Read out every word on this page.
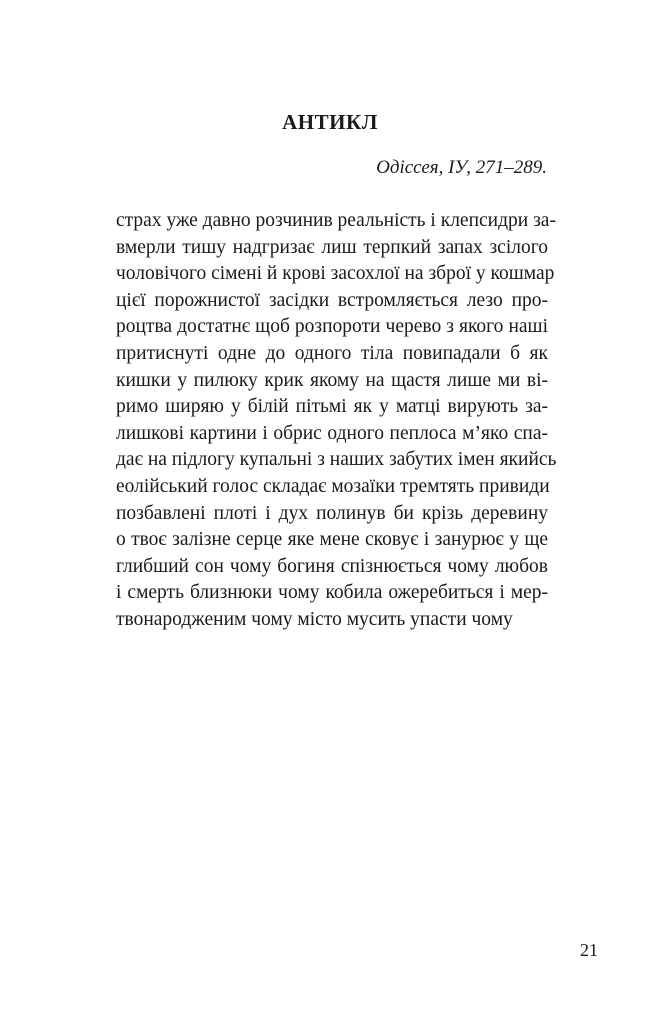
АНТИКЛ
Одіссея, ІУ, 271–289.
страх уже давно розчинив реальність і клепсидри за-
вмерли тишу надгризає лиш терпкий запах зсілого
чоловічого сімені й крові засохлої на зброї у кошмар
цієї порожнистої засідки встромляється лезо про-
роцтва достатнє щоб розпороти черево з якого наші
притиснуті одне до одного тіла повипадали б як
кишки у пилюку крик якому на щастя лише ми ві-
римо ширяю у білій пітьмі як у матці вирують за-
лишкові картини і обрис одного пеплоса м’яко спа-
дає на підлогу купальні з наших забутих імен якийсь
еолійський голос складає мозаїки тремтять привиди
позбавлені плоті і дух полинув би крізь деревину
о твоє залізне серце яке мене сковує і занурює у ще
глибший сон чому богиня спізнюється чому любов
і смерть близнюки чому кобила ожеребиться і мер-
твонародженим чому місто мусить упасти чому
21
